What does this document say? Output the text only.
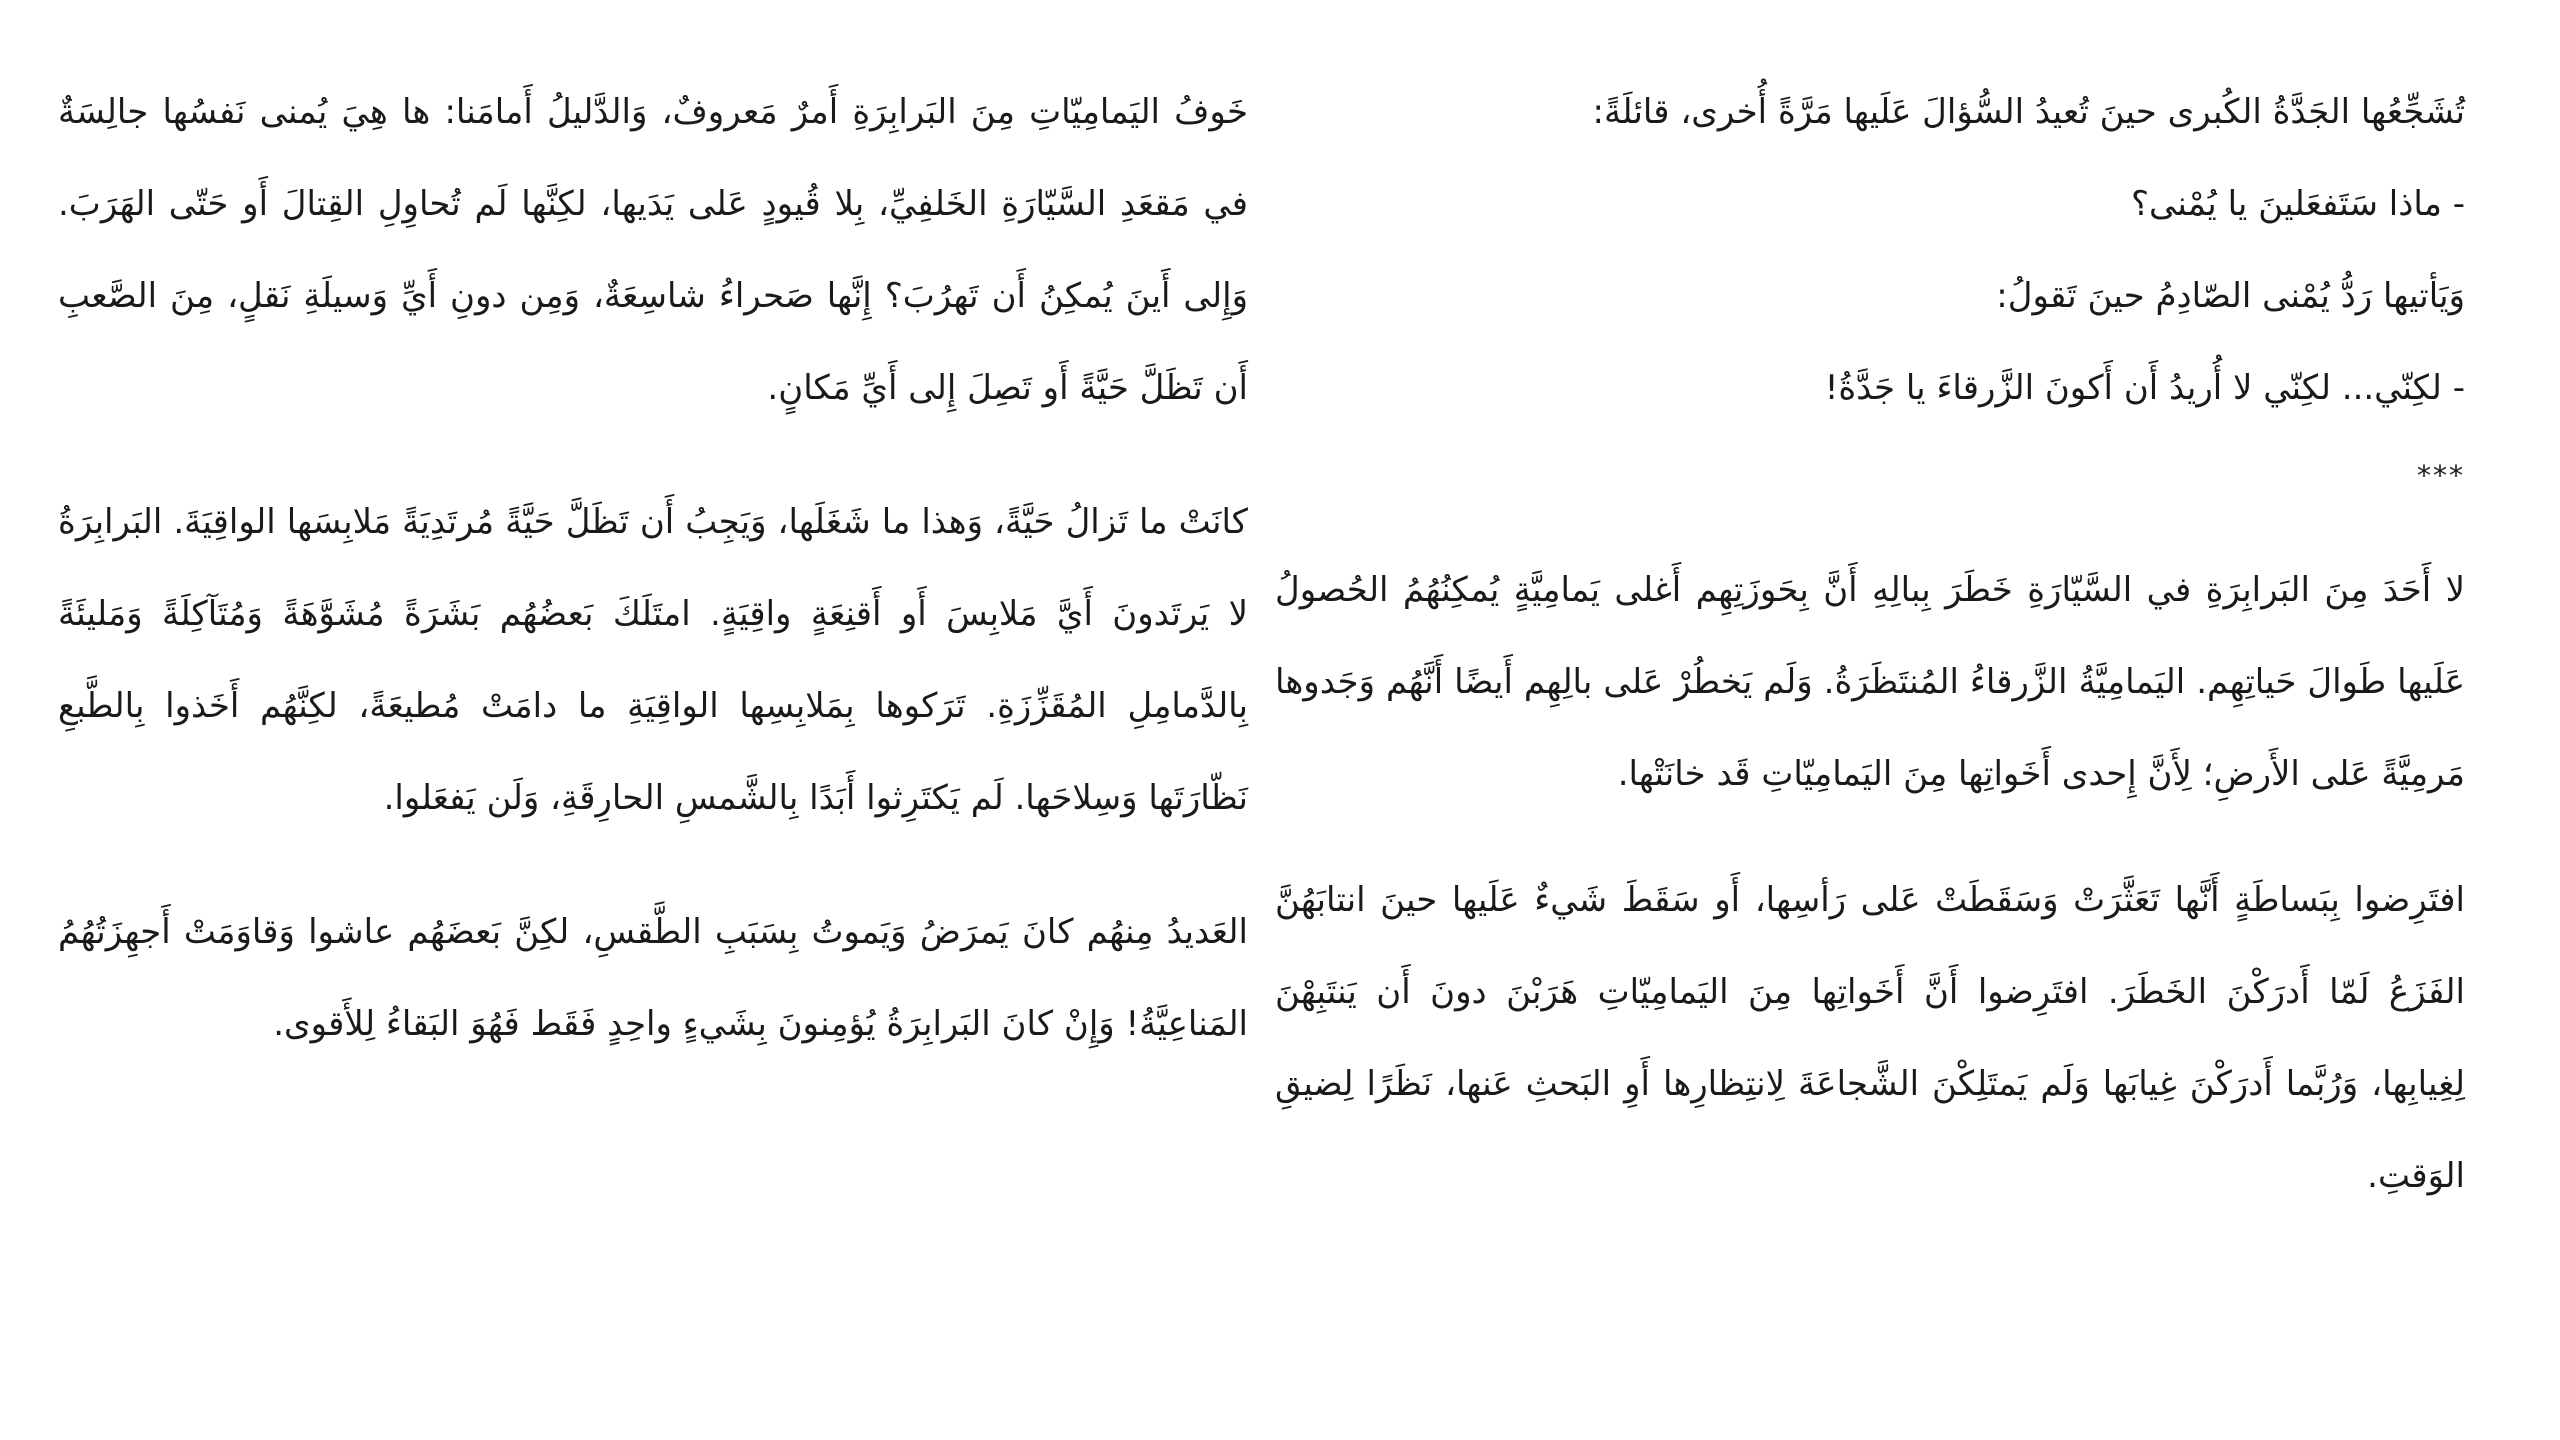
تُشَجِّعُها الجَدَّةُ الكُبرى حينَ تُعيدُ السُّؤالَ عَلَيها مَرَّةً أُخرى، قائلَةً:

- ماذا سَتَفعَلينَ يا يُمْنى؟

وَيَأتيها رَدُّ يُمْنى الصّادِمُ حينَ تَقولُ:

- لكِنّي... لكِنّي لا أُريدُ أَن أَكونَ الزَّرقاءَ يا جَدَّةُ!

***

لا أَحَدَ مِنَ البَرابِرَةِ في السَّيّارَةِ خَطَرَ بِبالِهِ أَنَّ بِحَوزَتِهِم أَغلى يَمامِيَّةٍ يُمكِنُهُمُ الحُصولُ عَلَيها طَوالَ حَياتِهِم. اليَمامِيَّةُ الزَّرقاءُ المُنتَظَرَةُ. وَلَم يَخطُرْ عَلى بالِهِم أَيضًا أَنَّهُم وَجَدوها مَرمِيَّةً عَلى الأَرضِ؛ لِأَنَّ إِحدى أَخَواتِها مِنَ اليَمامِيّاتِ قَد خانَتْها.

افتَرِضوا بِبَساطَةٍ أَنَّها تَعَثَّرَتْ وَسَقَطَتْ عَلى رَأسِها، أَو سَقَطَ شَيءٌ عَلَيها حينَ انتابَهُنَّ الفَزَعُ لَمّا أَدرَكْنَ الخَطَرَ. افتَرِضوا أَنَّ أَخَواتِها مِنَ اليَمامِيّاتِ هَرَبْنَ دونَ أَن يَنتَبِهْنَ لِغِيابِها، وَرُبَّما أَدرَكْنَ غِيابَها وَلَم يَمتَلِكْنَ الشَّجاعَةَ لِانتِظارِها أَوِ البَحثِ عَنها، نَظَرًا لِضيقِ الوَقتِ.

خَوفُ اليَمامِيّاتِ مِنَ البَرابِرَةِ أَمرٌ مَعروفٌ، وَالدَّليلُ أَمامَنا: ها هِيَ يُمنى نَفسُها جالِسَةٌ في مَقعَدِ السَّيّارَةِ الخَلفِيِّ، بِلا قُيودٍ عَلى يَدَيها، لكِنَّها لَم تُحاوِلِ القِتالَ أَو حَتّى الهَرَبَ. وَإِلى أَينَ يُمكِنُ أَن تَهرُبَ؟ إِنَّها صَحراءُ شاسِعَةٌ، وَمِن دونِ أَيِّ وَسيلَةِ نَقلٍ، مِنَ الصَّعبِ أَن تَظَلَّ حَيَّةً أَو تَصِلَ إِلى أَيِّ مَكانٍ.

كانَتْ ما تَزالُ حَيَّةً، وَهذا ما شَغَلَها، وَيَجِبُ أَن تَظَلَّ حَيَّةً مُرتَدِيَةً مَلابِسَها الواقِيَةَ. البَرابِرَةُ لا يَرتَدونَ أَيَّ مَلابِسَ أَو أَقنِعَةٍ واقِيَةٍ. امتَلَكَ بَعضُهُم بَشَرَةً مُشَوَّهَةً وَمُتَآكِلَةً وَمَليئَةً بِالدَّمامِلِ المُقَزِّزَةِ. تَرَكوها بِمَلابِسِها الواقِيَةِ ما دامَتْ مُطيعَةً، لكِنَّهُم أَخَذوا بِالطَّبعِ نَظّارَتَها وَسِلاحَها. لَم يَكتَرِثوا أَبَدًا بِالشَّمسِ الحارِقَةِ، وَلَن يَفعَلوا.

العَديدُ مِنهُم كانَ يَمرَضُ وَيَموتُ بِسَبَبِ الطَّقسِ، لكِنَّ بَعضَهُم عاشوا وَقاوَمَتْ أَجهِزَتُهُمُ المَناعِيَّةُ! وَإِنْ كانَ البَرابِرَةُ يُؤمِنونَ بِشَيءٍ واحِدٍ فَقَط فَهُوَ البَقاءُ لِلأَقوى.
